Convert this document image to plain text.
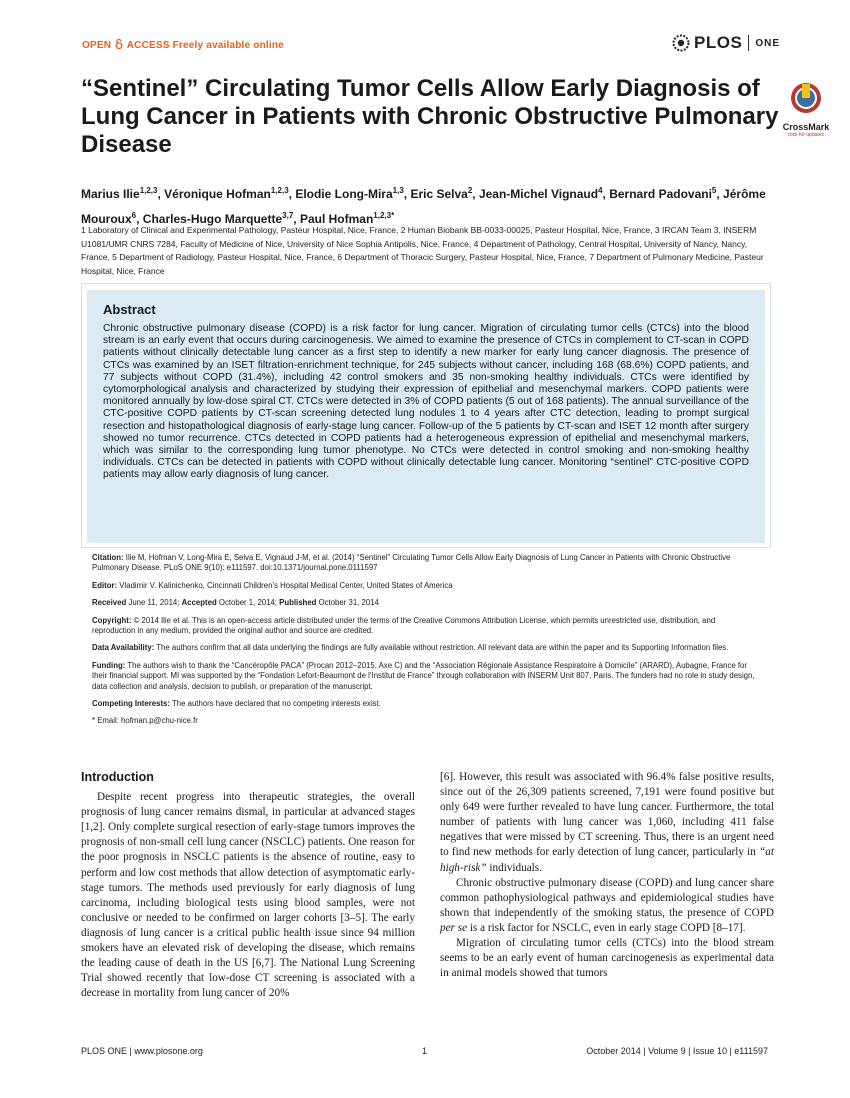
OPEN ACCESS Freely available online	PLOS ONE
“Sentinel” Circulating Tumor Cells Allow Early Diagnosis of Lung Cancer in Patients with Chronic Obstructive Pulmonary Disease
CrossMark
click for updates
Marius Ilie$^{1,2,3}$, Véronique Hofman$^{1,2,3}$, Elodie Long-Mira$^{1,3}$, Eric Selva$^2$, Jean-Michel Vignaud$^4$, Bernard Padovani$^5$, Jérôme Mouroux$^6$, Charles-Hugo Marquette$^{3,7}$, Paul Hofman$^{1,2,3*}$
1 Laboratory of Clinical and Experimental Pathology, Pasteur Hospital, Nice, France, 2 Human Biobank BB-0033-00025, Pasteur Hospital, Nice, France, 3 IRCAN Team 3, INSERM U1081/UMR CNRS 7284, Faculty of Medicine of Nice, University of Nice Sophia Antipolis, Nice, France, 4 Department of Pathology, Central Hospital, University of Nancy, Nancy, France, 5 Department of Radiology, Pasteur Hospital, Nice, France, 6 Department of Thoracic Surgery, Pasteur Hospital, Nice, France, 7 Department of Pulmonary Medicine, Pasteur Hospital, Nice, France
Abstract

Chronic obstructive pulmonary disease (COPD) is a risk factor for lung cancer. Migration of circulating tumor cells (CTCs) into the blood stream is an early event that occurs during carcinogenesis. We aimed to examine the presence of CTCs in complement to CT-scan in COPD patients without clinically detectable lung cancer as a first step to identify a new marker for early lung cancer diagnosis. The presence of CTCs was examined by an ISET filtration-enrichment technique, for 245 subjects without cancer, including 168 (68.6%) COPD patients, and 77 subjects without COPD (31.4%), including 42 control smokers and 35 non-smoking healthy individuals. CTCs were identified by cytomorphological analysis and characterized by studying their expression of epithelial and mesenchymal markers. COPD patients were monitored annually by low-dose spiral CT. CTCs were detected in 3% of COPD patients (5 out of 168 patients). The annual surveillance of the CTC-positive COPD patients by CT-scan screening detected lung nodules 1 to 4 years after CTC detection, leading to prompt surgical resection and histopathological diagnosis of early-stage lung cancer. Follow-up of the 5 patients by CT-scan and ISET 12 month after surgery showed no tumor recurrence. CTCs detected in COPD patients had a heterogeneous expression of epithelial and mesenchymal markers, which was similar to the corresponding lung tumor phenotype. No CTCs were detected in control smoking and non-smoking healthy individuals. CTCs can be detected in patients with COPD without clinically detectable lung cancer. Monitoring “sentinel” CTC-positive COPD patients may allow early diagnosis of lung cancer.

Citation: Ilie M, Hofman V, Long-Mira E, Selva E, Vignaud J-M, et al. (2014) “Sentinel” Circulating Tumor Cells Allow Early Diagnosis of Lung Cancer in Patients with Chronic Obstructive Pulmonary Disease. PLoS ONE 9(10): e111597. doi:10.1371/journal.pone.0111597

Editor: Vladimir V. Kalinichenko, Cincinnati Children’s Hospital Medical Center, United States of America

Received June 11, 2014; Accepted October 1, 2014; Published October 31, 2014

Copyright: © 2014 Ilie et al. This is an open-access article distributed under the terms of the Creative Commons Attribution License, which permits unrestricted use, distribution, and reproduction in any medium, provided the original author and source are credited.

Data Availability: The authors confirm that all data underlying the findings are fully available without restriction. All relevant data are within the paper and its Supporting Information files.

Funding: The authors wish to thank the “Cancéropôle PACA” (Procan 2012–2015, Axe C) and the “Association Régionale Assistance Respiratoire à Domicile” (ARARD), Aubagne, France for their financial support. MI was supported by the “Fondation Lefort-Beaumont de l’Institut de France” through collaboration with INSERM Unit 807, Paris. The funders had no role in study design, data collection and analysis, decision to publish, or preparation of the manuscript.

Competing Interests: The authors have declared that no competing interests exist.

* Email: hofman.p@chu-nice.fr

Introduction

Despite recent progress into therapeutic strategies, the overall prognosis of lung cancer remains dismal, in particular at advanced stages [1,2]. Only complete surgical resection of early-stage tumors improves the prognosis of non-small cell lung cancer (NSCLC) patients. One reason for the poor prognosis in NSCLC patients is the absence of routine, easy to perform and low cost methods that allow detection of asymptomatic early-stage tumors. The methods used previously for early diagnosis of lung carcinoma, including biological tests using blood samples, were not conclusive or needed to be confirmed on larger cohorts [3–5]. The early diagnosis of lung cancer is a critical public health issue since 94 million smokers have an elevated risk of developing the disease, which remains the leading cause of death in the US [6,7]. The National Lung Screening Trial showed recently that low-dose CT screening is associated with a decrease in mortality from lung cancer of 20%

[6]. However, this result was associated with 96.4% false positive results, since out of the 26,309 patients screened, 7,191 were found positive but only 649 were further revealed to have lung cancer. Furthermore, the total number of patients with lung cancer was 1,060, including 411 false negatives that were missed by CT screening. Thus, there is an urgent need to find new methods for early detection of lung cancer, particularly in “at high-risk” individuals.

Chronic obstructive pulmonary disease (COPD) and lung cancer share common pathophysiological pathways and epidemiological studies have shown that independently of the smoking status, the presence of COPD per se is a risk factor for NSCLC, even in early stage COPD [8–17].

Migration of circulating tumor cells (CTCs) into the blood stream seems to be an early event of human carcinogenesis as experimental data in animal models showed that tumors

PLOS ONE | www.plosone.org	1	October 2014 | Volume 9 | Issue 10 | e111597
